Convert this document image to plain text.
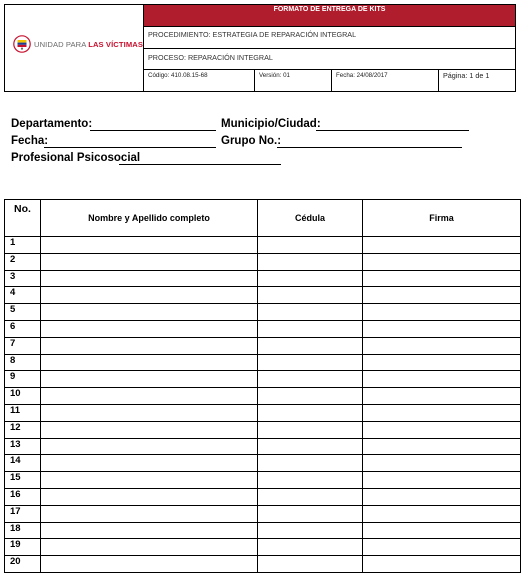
UNIDAD PARA LAS VÍCTIMAS
FORMATO DE ENTREGA DE KITS
PROCEDIMIENTO: ESTRATEGIA DE REPARACIÓN INTEGRAL
PROCESO: REPARACIÓN INTEGRAL
Código: 410.08.15-68	Versión: 01	Fecha: 24/08/2017	Página: 1 de 1
Departamento:	Municipio/Ciudad:
Fecha:	Grupo No.:
Profesional Psicosocial
No.	Nombre y Apellido completo	Cédula	Firma
1			
2			
3			
4			
5			
6			
7			
8			
9			
10			
11			
12			
13			
14			
15			
16			
17			
18			
19			
20			
